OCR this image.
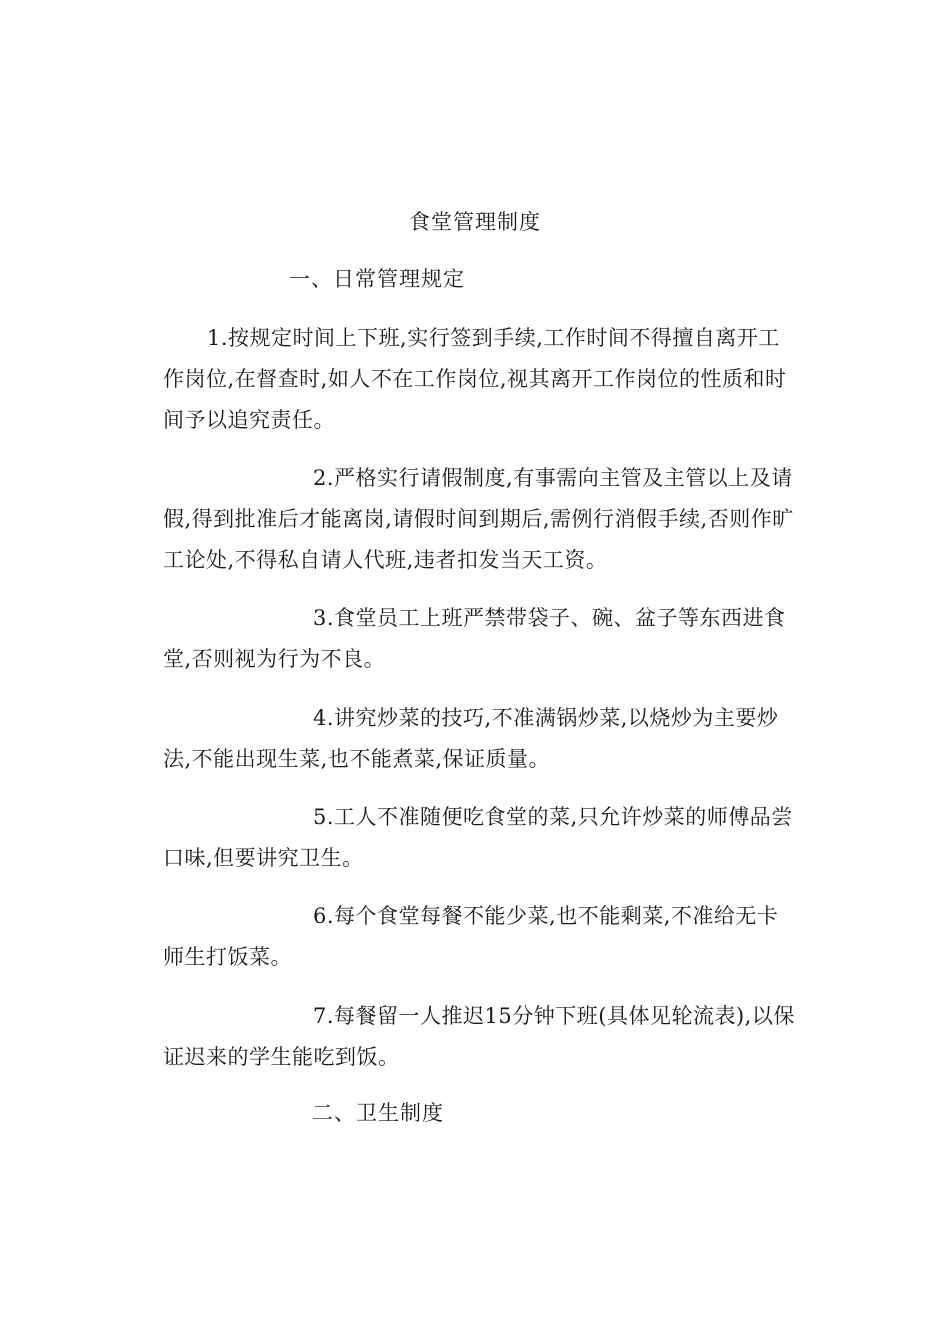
食堂管理制度
一、日常管理规定
1.按规定时间上下班,实行签到手续,工作时间不得擅自离开工作岗位,在督查时,如人不在工作岗位,视其离开工作岗位的性质和时间予以追究责任。
2.严格实行请假制度,有事需向主管及主管以上及请假,得到批准后才能离岗,请假时间到期后,需例行消假手续,否则作旷工论处,不得私自请人代班,违者扣发当天工资。
3.食堂员工上班严禁带袋子、碗、盆子等东西进食堂,否则视为行为不良。
4.讲究炒菜的技巧,不准满锅炒菜,以烧炒为主要炒法,不能出现生菜,也不能煮菜,保证质量。
5.工人不准随便吃食堂的菜,只允许炒菜的师傅品尝口味,但要讲究卫生。
6.每个食堂每餐不能少菜,也不能剩菜,不准给无卡师生打饭菜。
7.每餐留一人推迟15分钟下班(具体见轮流表),以保证迟来的学生能吃到饭。
二、卫生制度
